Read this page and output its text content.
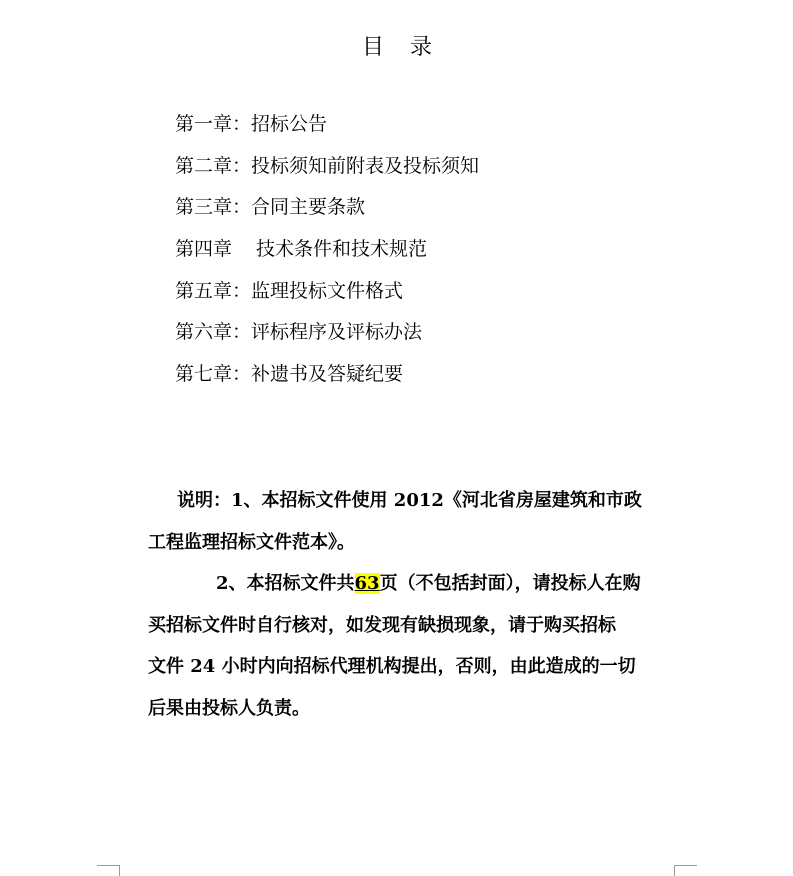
目 录
第一章：招标公告
第二章：投标须知前附表及投标须知
第三章：合同主要条款
第四章 技术条件和技术规范
第五章：监理投标文件格式
第六章：评标程序及评标办法
第七章：补遗书及答疑纪要

说明：1、本招标文件使用 2012《河北省房屋建筑和市政

工程监理招标文件范本》。

2、本招标文件共63页（不包括封面），请投标人在购

买招标文件时自行核对，如发现有缺损现象，请于购买招标

文件 24 小时内向招标代理机构提出，否则，由此造成的一切

后果由投标人负责。
